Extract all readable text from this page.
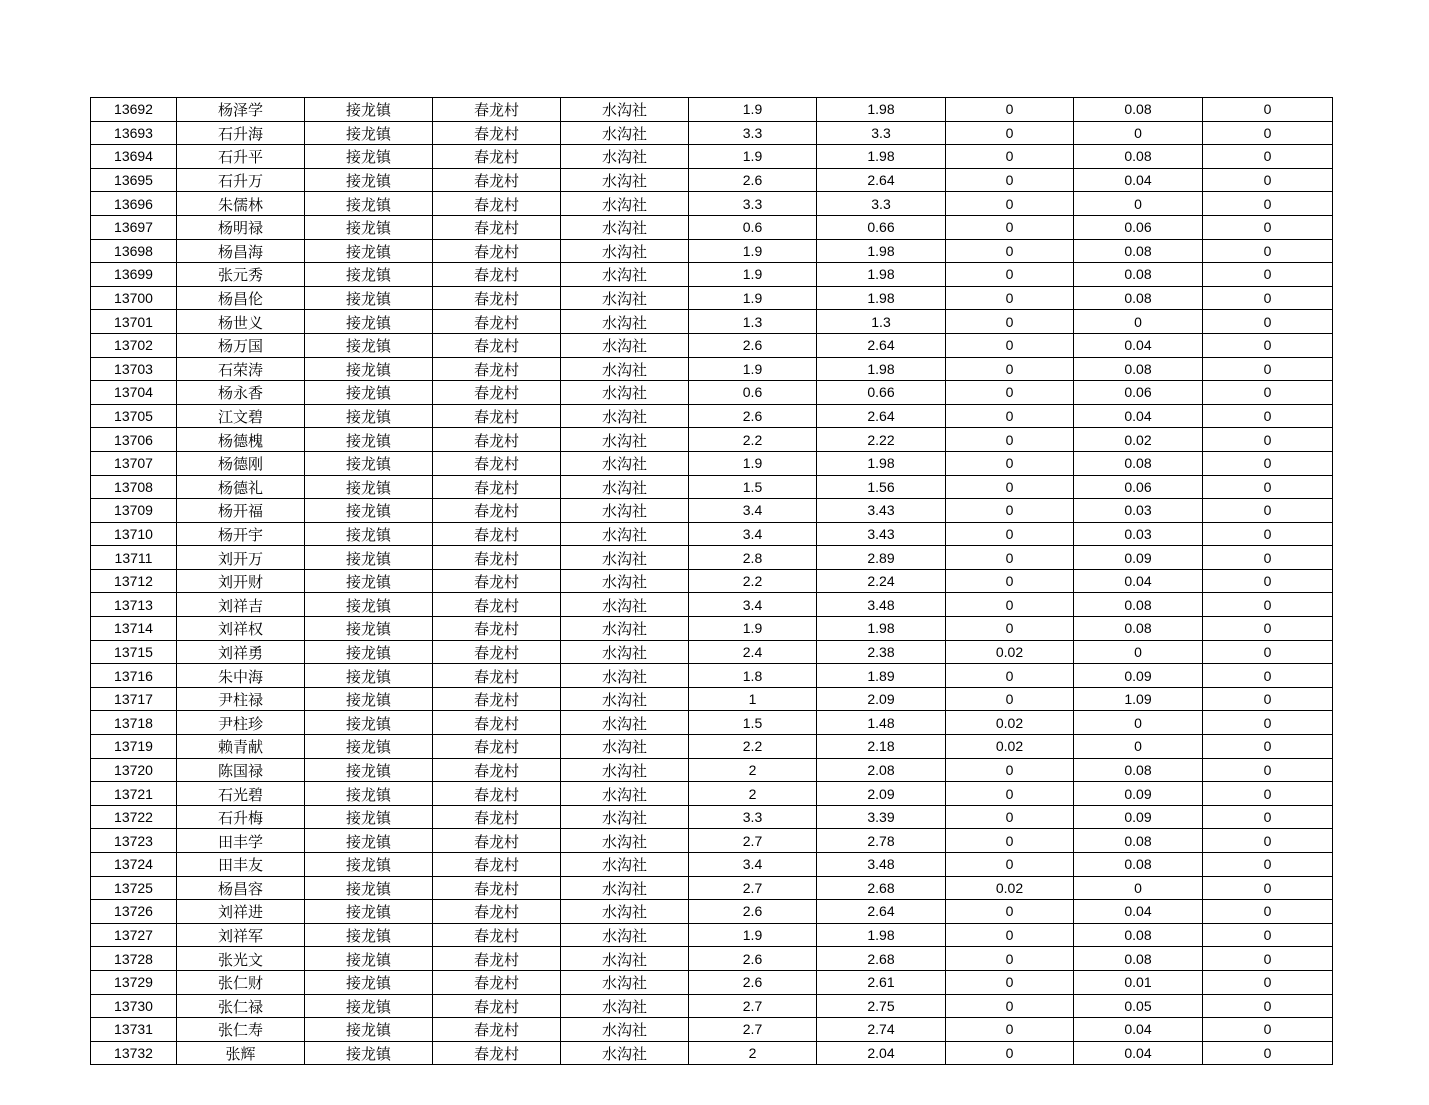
13692	杨泽学	接龙镇	春龙村	水沟社	1.9	1.98	0	0.08	0
13693	石升海	接龙镇	春龙村	水沟社	3.3	3.3	0	0	0
13694	石升平	接龙镇	春龙村	水沟社	1.9	1.98	0	0.08	0
13695	石升万	接龙镇	春龙村	水沟社	2.6	2.64	0	0.04	0
13696	朱儒林	接龙镇	春龙村	水沟社	3.3	3.3	0	0	0
13697	杨明禄	接龙镇	春龙村	水沟社	0.6	0.66	0	0.06	0
13698	杨昌海	接龙镇	春龙村	水沟社	1.9	1.98	0	0.08	0
13699	张元秀	接龙镇	春龙村	水沟社	1.9	1.98	0	0.08	0
13700	杨昌伦	接龙镇	春龙村	水沟社	1.9	1.98	0	0.08	0
13701	杨世义	接龙镇	春龙村	水沟社	1.3	1.3	0	0	0
13702	杨万国	接龙镇	春龙村	水沟社	2.6	2.64	0	0.04	0
13703	石荣涛	接龙镇	春龙村	水沟社	1.9	1.98	0	0.08	0
13704	杨永香	接龙镇	春龙村	水沟社	0.6	0.66	0	0.06	0
13705	江文碧	接龙镇	春龙村	水沟社	2.6	2.64	0	0.04	0
13706	杨德槐	接龙镇	春龙村	水沟社	2.2	2.22	0	0.02	0
13707	杨德刚	接龙镇	春龙村	水沟社	1.9	1.98	0	0.08	0
13708	杨德礼	接龙镇	春龙村	水沟社	1.5	1.56	0	0.06	0
13709	杨开福	接龙镇	春龙村	水沟社	3.4	3.43	0	0.03	0
13710	杨开宇	接龙镇	春龙村	水沟社	3.4	3.43	0	0.03	0
13711	刘开万	接龙镇	春龙村	水沟社	2.8	2.89	0	0.09	0
13712	刘开财	接龙镇	春龙村	水沟社	2.2	2.24	0	0.04	0
13713	刘祥吉	接龙镇	春龙村	水沟社	3.4	3.48	0	0.08	0
13714	刘祥权	接龙镇	春龙村	水沟社	1.9	1.98	0	0.08	0
13715	刘祥勇	接龙镇	春龙村	水沟社	2.4	2.38	0.02	0	0
13716	朱中海	接龙镇	春龙村	水沟社	1.8	1.89	0	0.09	0
13717	尹柱禄	接龙镇	春龙村	水沟社	1	2.09	0	1.09	0
13718	尹柱珍	接龙镇	春龙村	水沟社	1.5	1.48	0.02	0	0
13719	赖青献	接龙镇	春龙村	水沟社	2.2	2.18	0.02	0	0
13720	陈国禄	接龙镇	春龙村	水沟社	2	2.08	0	0.08	0
13721	石光碧	接龙镇	春龙村	水沟社	2	2.09	0	0.09	0
13722	石升梅	接龙镇	春龙村	水沟社	3.3	3.39	0	0.09	0
13723	田丰学	接龙镇	春龙村	水沟社	2.7	2.78	0	0.08	0
13724	田丰友	接龙镇	春龙村	水沟社	3.4	3.48	0	0.08	0
13725	杨昌容	接龙镇	春龙村	水沟社	2.7	2.68	0.02	0	0
13726	刘祥进	接龙镇	春龙村	水沟社	2.6	2.64	0	0.04	0
13727	刘祥军	接龙镇	春龙村	水沟社	1.9	1.98	0	0.08	0
13728	张光文	接龙镇	春龙村	水沟社	2.6	2.68	0	0.08	0
13729	张仁财	接龙镇	春龙村	水沟社	2.6	2.61	0	0.01	0
13730	张仁禄	接龙镇	春龙村	水沟社	2.7	2.75	0	0.05	0
13731	张仁寿	接龙镇	春龙村	水沟社	2.7	2.74	0	0.04	0
13732	张辉	接龙镇	春龙村	水沟社	2	2.04	0	0.04	0
